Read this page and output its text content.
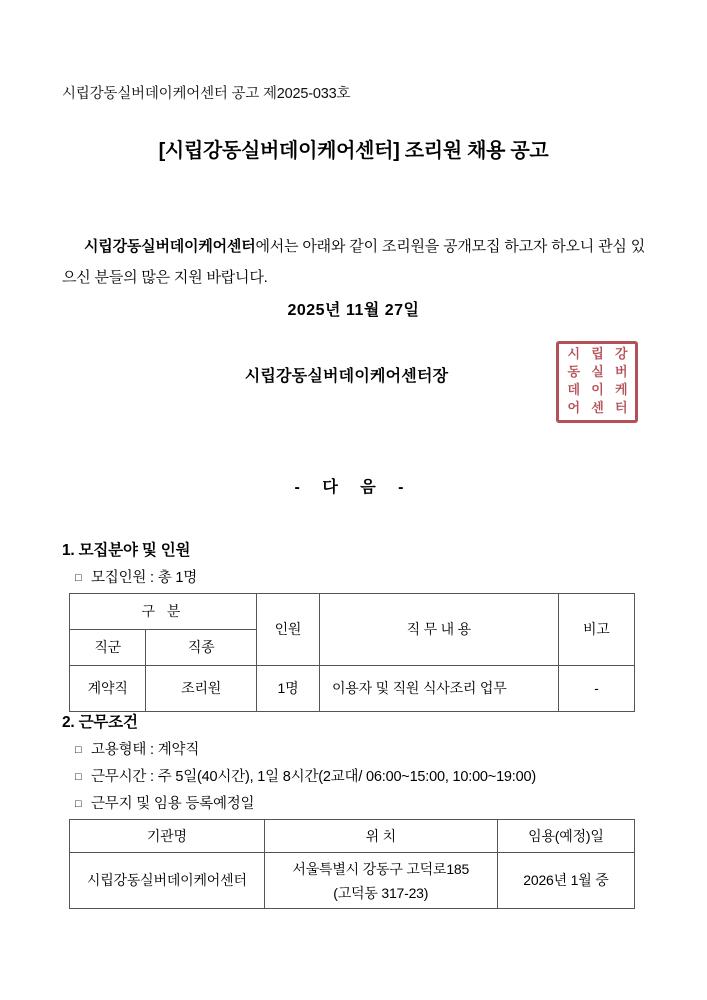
시립강동실버데이케어센터 공고 제2025-033호
[시립강동실버데이케어센터] 조리원 채용 공고

시립강동실버데이케어센터에서는 아래와 같이 조리원을 공개모집 하고자 하오니 관심 있으신 분들의 많은 지원 바랍니다.

2025년 11월 27일
시립강동실버데이케어센터장
시 립 강
동 실 버
데 이 케
어 센 터
- 다 음 -
1. 모집분야 및 인원
□ 모집인원 : 총 1명
구 분		인원	직 무 내 용	비고
직군	직종			
계약직	조리원	1명	이용자 및 직원 식사조리 업무	-
2. 근무조건
□ 고용형태 : 계약직
□ 근무시간 : 주 5일(40시간), 1일 8시간(2교대/ 06:00~15:00, 10:00~19:00)
□ 근무지 및 임용 등록예정일
기관명	위 치	임용(예정)일
시립강동실버데이케어센터	서울특별시 강동구 고덕로185
(고덕동 317-23)	2026년 1월 중
